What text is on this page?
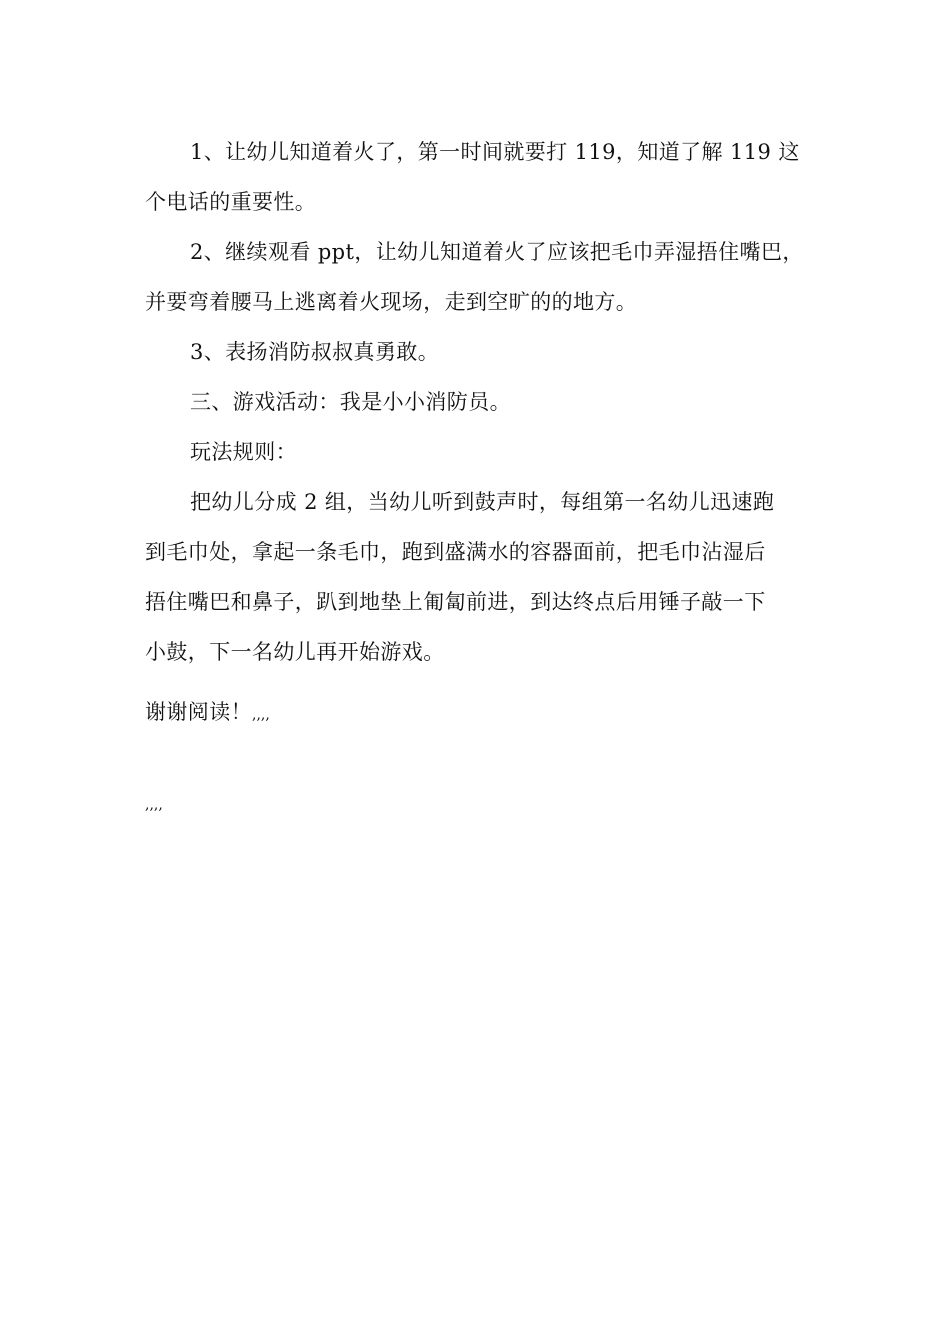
1、让幼儿知道着火了，第一时间就要打 119，知道了解 119 这
个电话的重要性。
2、继续观看 ppt，让幼儿知道着火了应该把毛巾弄湿捂住嘴巴，
并要弯着腰马上逃离着火现场，走到空旷的的地方。
3、表扬消防叔叔真勇敢。
三、游戏活动：我是小小消防员。
玩法规则：
把幼儿分成 2 组，当幼儿听到鼓声时，每组第一名幼儿迅速跑
到毛巾处，拿起一条毛巾，跑到盛满水的容器面前，把毛巾沾湿后
捂住嘴巴和鼻子，趴到地垫上匍匐前进，到达终点后用锤子敲一下
小鼓，下一名幼儿再开始游戏。
谢谢阅读！,,,,
,,,,
